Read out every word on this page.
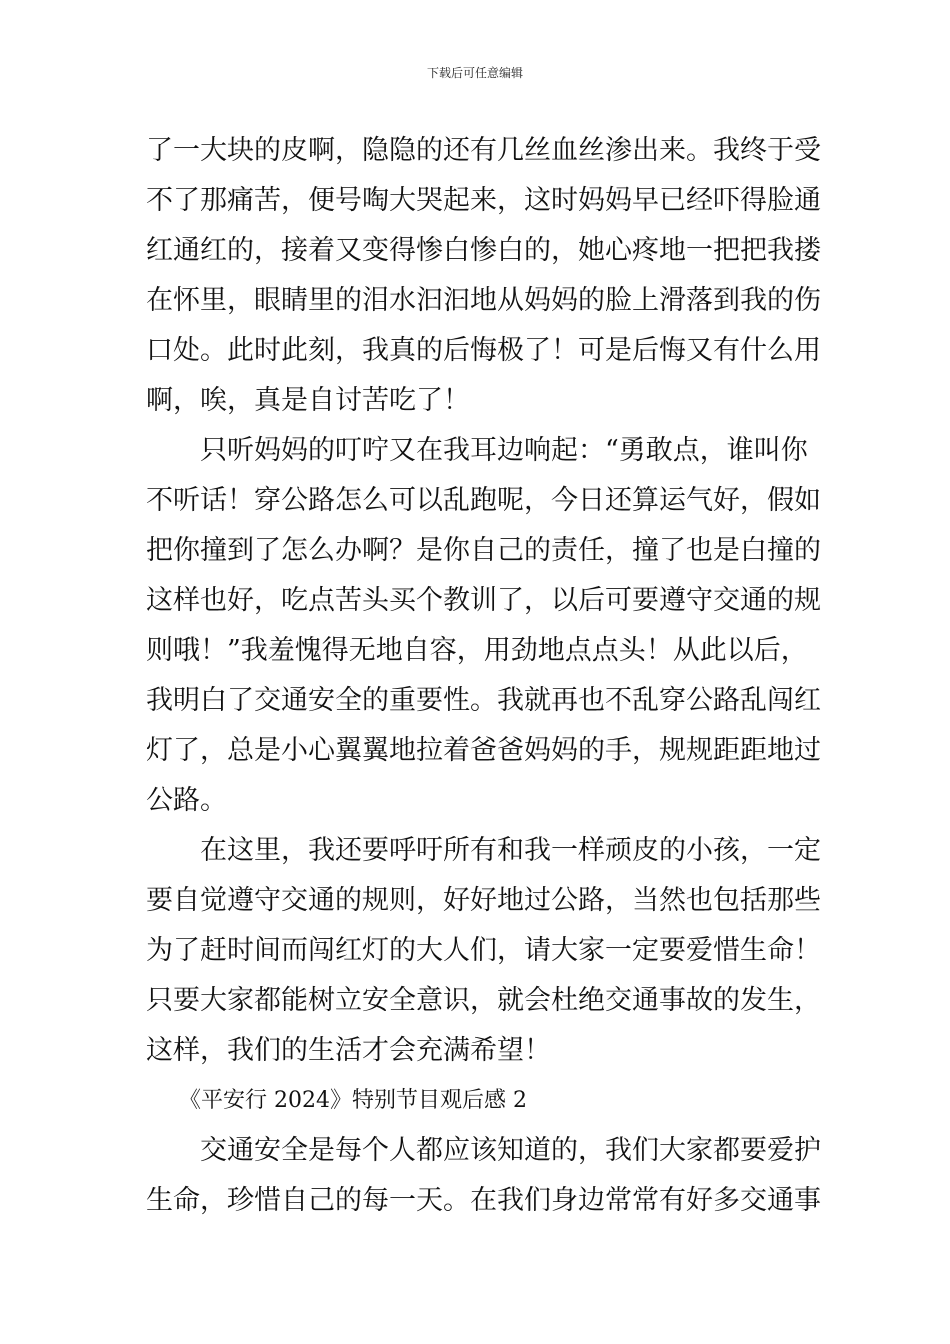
下载后可任意编辑
了一大块的皮啊，隐隐的还有几丝血丝渗出来。我终于受
不了那痛苦，便号啕大哭起来，这时妈妈早已经吓得脸通
红通红的，接着又变得惨白惨白的，她心疼地一把把我搂
在怀里，眼睛里的泪水汩汩地从妈妈的脸上滑落到我的伤
口处。此时此刻，我真的后悔极了！可是后悔又有什么用
啊，唉，真是自讨苦吃了！
　　只听妈妈的叮咛又在我耳边响起：“勇敢点，谁叫你
不听话！穿公路怎么可以乱跑呢，今日还算运气好，假如
把你撞到了怎么办啊？是你自己的责任，撞了也是白撞的
这样也好，吃点苦头买个教训了，以后可要遵守交通的规
则哦！”我羞愧得无地自容，用劲地点点头！从此以后，
我明白了交通安全的重要性。我就再也不乱穿公路乱闯红
灯了，总是小心翼翼地拉着爸爸妈妈的手，规规距距地过
公路。
　　在这里，我还要呼吁所有和我一样顽皮的小孩，一定
要自觉遵守交通的规则，好好地过公路，当然也包括那些
为了赶时间而闯红灯的大人们，请大家一定要爱惜生命！
只要大家都能树立安全意识，就会杜绝交通事故的发生，
这样，我们的生活才会充满希望！
　　《平安行 2024》特别节目观后感 2
　　交通安全是每个人都应该知道的，我们大家都要爱护
生命，珍惜自己的每一天。在我们身边常常有好多交通事
